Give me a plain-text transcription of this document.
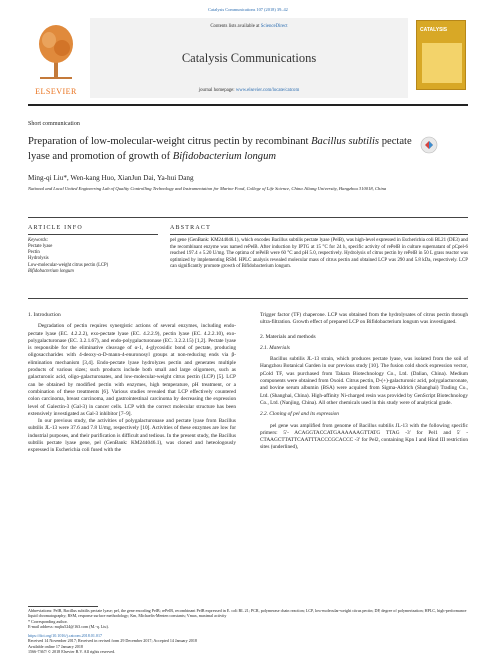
Catalysis Communications 107 (2018) 39–42
ELSEVIER
Contents lists available at ScienceDirect
Catalysis Communications
journal homepage: www.elsevier.com/locate/catcom
CATALYSIS
Short communication
Preparation of low-molecular-weight citrus pectin by recombinant Bacillus subtilis pectate lyase and promotion of growth of Bifidobacterium longum
Ming-qi Liu*, Wen-kang Huo, XianJun Dai, Ya-hui Dang
National and Local United Engineering Lab of Quality Controlling Technology and Instrumentation for Marine Food, College of Life Science, China Jiliang University, Hangzhou 310018, China
ARTICLE INFO	ABSTRACT
Keywords:
Pectate lyase
Pectin
Hydrolysis
Low-molecular-weight citrus pectin (LCP)
Bifidobacterium longum
pel gene (GenBank: KM244046.1), which encodes Bacillus subtilis pectate lyase (PelB), was high-level expressed in Escherichia coli BL21 (DE3) and the recombinant enzyme was named rePelB. After induction by IPTG at 15 °C for 24 h, specific activity of rePelB in culture supernatant of pCpel-6 reached 197.4 ± 5.20 U/mg. The optima of rePelB were 60 °C and pH 5.0, respectively. Hydrolysis of citrus pectin by rePelB in 50 L grass reactor was optimized by implementing RSM. HPLC analysis revealed molecular mass of citrus pectin and obtained LCP was 290 and 5.8 kDa, respectively. LCP can significantly promote growth of Bifidobacterium longum.
1. Introduction

Degradation of pectin requires synergistic actions of several enzymes, including endo-pectate lyase (EC. 4.2.2.2), exo-pectate lyase (EC. 4.2.2.9), pectin lyase (EC. 4.2.2.10), exo-polygalacturonase (EC. 3.2.1.67), and endo-polygalacturonase (EC. 3.2.2.15) [1,2]. Pectate lyase is responsible for the eliminative cleavage of α-1, 4-glycosidic bond of pectate, producing oligosaccharides with 4-deoxy-α-D-mann-4-enuronosyl groups at non-reducing ends via β-elimination mechanism [3,4]. Endo-pectate lyase hydrolyzes pectin and generates multiple products of various sizes; such products include both small and large oligomers, such as galacturonic acid, oligo-galacturonates, and low-molecular-weight citrus pectin (LCP) [5]. LCP can be obtained by modified pectin with enzymes, high temperature, pH treatment, or a combination of these treatments [6]. Various studies revealed that LCP effectively countered colon carcinoma, breast carcinoma, and gastrointestinal carcinoma by decreasing the expression level of Galectin-3 (Gal-3) in cancer cells. LCP with the correct molecular structure has been extensively investigated as Gal-3 inhibitor [7–9].

In our previous study, the activities of polygalacturonase and pectate lyase from Bacillus subtilis JL-13 were 37.6 and 7.8 U/mg, respectively [10]. Activities of these enzymes are low for industrial purposes, and their purification is difficult and tedious. In the present study, the Bacillus subtilis pectate lyase gene, pel (GenBank: KM244046.1), was cloned and heteologously expressed in Escherichia coli fused with the

Trigger factor (TF) chaperone. LCP was obtained from the hydrolysates of citrus pectin through ultra-filtration. Growth effect of prepared LCP on Bifidobacterium longum was investigated.

2. Materials and methods
2.1. Materials

Bacillus subtilis JL-13 strain, which produces pectate lyase, was isolated from the soil of Hangzhou Botanical Garden in our previous study [10]. The fusion cold shock expression vector, pCold TF, was purchased from Takara Biotechnology Co., Ltd. (Dalian, China). Medium components were obtained from Oxoid. Citrus pectin, D-(+)-galacturonic acid, polygalacturonate, and bovine serum albumin (BSA) were acquired from Sigma-Aldrich (Shanghai) Trading Co., Ltd. (Shanghai, China). High-affinity Ni-charged resin was provided by GenScript Biotechnology Co., Ltd. (Nanjing, China). All other chemicals used in this study were of analytical grade.

2.2. Cloning of pel and its expression

pel gene was amplified from genome of Bacillus subtilis JL-13 with the following specific primers: 5′- ACAGGTACCATGAAAAAAGTTATG TTAG -3′ for Pel1 and 5′ - CTAAGCTTATTCAATTTACCCGCACCC -3′ for Pel2, containing Kpn I and Hind III restriction sites (underlined),

Abbreviations: PelB, Bacillus subtilis pectate lyase; pel, the gene encoding PelB; rePelB, recombinant PelB expressed in E. coli BL 21; PCR, polymerase chain reaction; LCP, low-molecular-weight citrus pectin; DP, degree of polymerization; HPLC, high-performance liquid chromatography; RSM, response surface methodology; Km, Michaelis-Menten constants; Vmax, maximal activity
* Corresponding author.
E-mail address: mqliu524@163.com (M.-q. Liu).
https://doi.org/10.1016/j.catcom.2018.01.017
Received 14 November 2017; Received in revised form 29 December 2017; Accepted 14 January 2018
Available online 17 January 2018
1566-7367/ © 2018 Elsevier B.V. All rights reserved.
